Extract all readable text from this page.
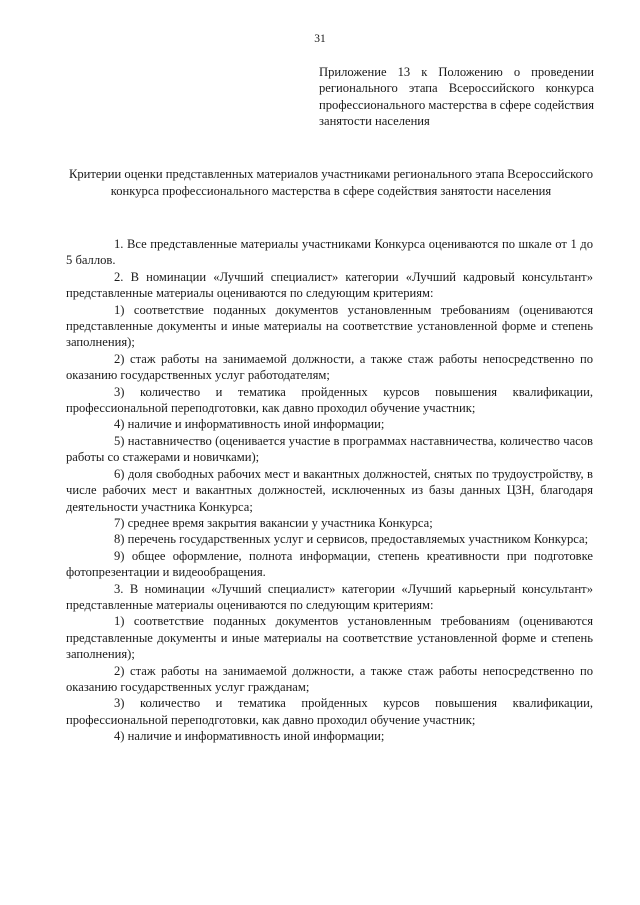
31
Приложение 13 к Положению о проведении регионального этапа Всероссийского конкурса профессионального мастерства в сфере содействия занятости населения
Критерии оценки представленных материалов участниками регионального этапа Всероссийского конкурса профессионального мастерства в сфере содействия занятости населения

1. Все представленные материалы участниками Конкурса оцениваются по шкале от 1 до 5 баллов.

2. В номинации «Лучший специалист» категории «Лучший кадровый консультант» представленные материалы оцениваются по следующим критериям:

1) соответствие поданных документов установленным требованиям (оцениваются представленные документы и иные материалы на соответствие установленной форме и степень заполнения);

2) стаж работы на занимаемой должности, а также стаж работы непосредственно по оказанию государственных услуг работодателям;

3) количество и тематика пройденных курсов повышения квалификации, профессиональной переподготовки, как давно проходил обучение участник;

4) наличие и информативность иной информации;

5) наставничество (оценивается участие в программах наставничества, количество часов работы со стажерами и новичками);

6) доля свободных рабочих мест и вакантных должностей, снятых по трудоустройству, в числе рабочих мест и вакантных должностей, исключенных из базы данных ЦЗН, благодаря деятельности участника Конкурса;

7) среднее время закрытия вакансии у участника Конкурса;

8) перечень государственных услуг и сервисов, предоставляемых участником Конкурса;

9) общее оформление, полнота информации, степень креативности при подготовке фотопрезентации и видеообращения.

3. В номинации «Лучший специалист» категории «Лучший карьерный консультант» представленные материалы оцениваются по следующим критериям:

1) соответствие поданных документов установленным требованиям (оцениваются представленные документы и иные материалы на соответствие установленной форме и степень заполнения);

2) стаж работы на занимаемой должности, а также стаж работы непосредственно по оказанию государственных услуг гражданам;

3) количество и тематика пройденных курсов повышения квалификации, профессиональной переподготовки, как давно проходил обучение участник;

4) наличие и информативность иной информации;
